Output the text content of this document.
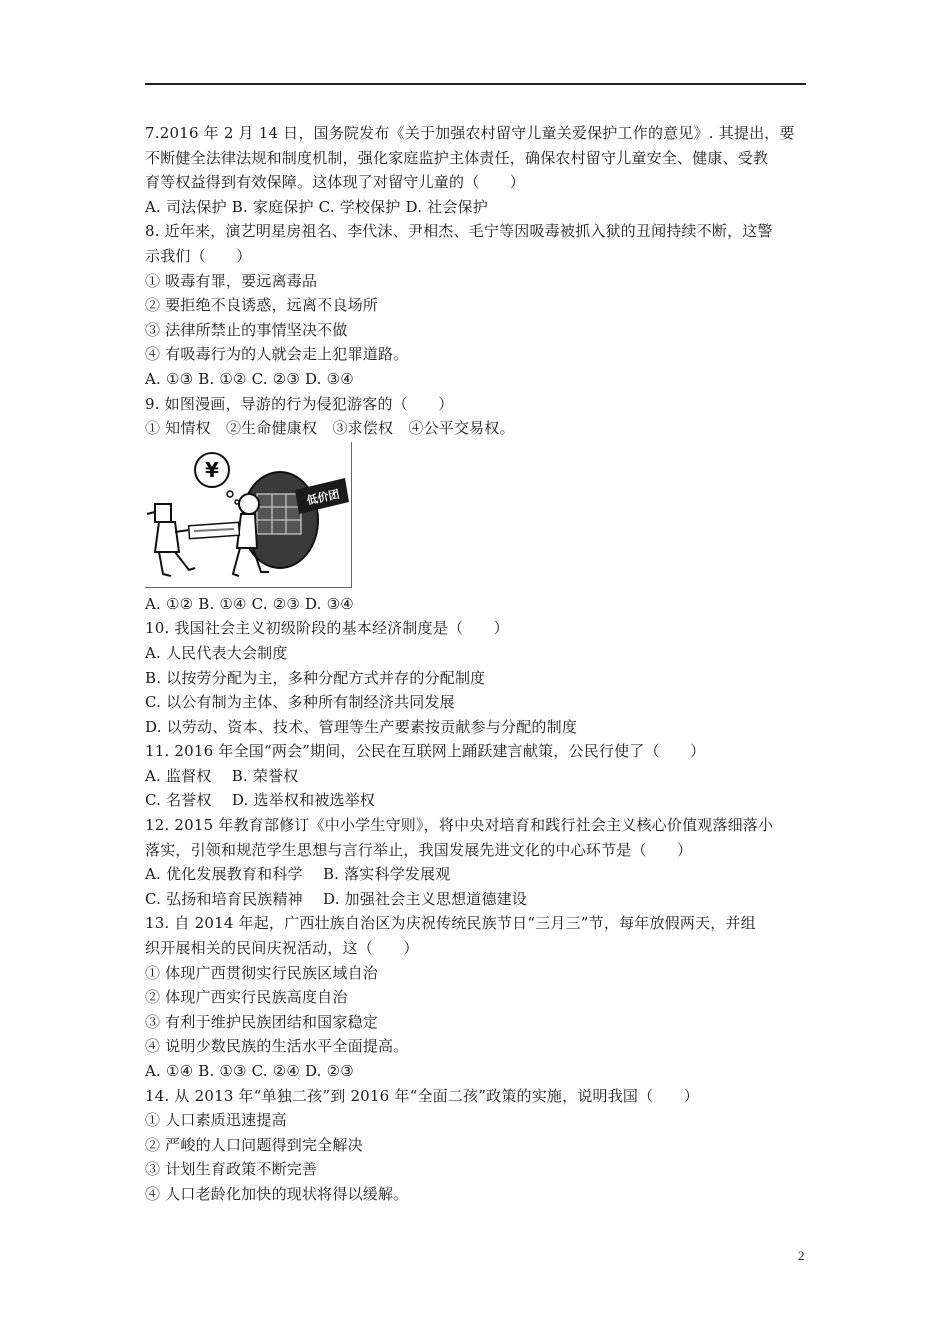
7.2016 年 2 月 14 日，国务院发布《关于加强农村留守儿童关爱保护工作的意见》. 其提出，要
不断健全法律法规和制度机制，强化家庭监护主体责任，确保农村留守儿童安全、健康、受教
育等权益得到有效保障。这体现了对留守儿童的（　　）
A. 司法保护 B. 家庭保护 C. 学校保护 D. 社会保护
8. 近年来，演艺明星房祖名、李代沫、尹相杰、毛宁等因吸毒被抓入狱的丑闻持续不断，这警
示我们（　　）
① 吸毒有罪，要远离毒品
② 要拒绝不良诱惑，远离不良场所
③ 法律所禁止的事情坚决不做
④ 有吸毒行为的人就会走上犯罪道路。
A. ①③ B. ①② C. ②③ D. ③④
9. 如图漫画，导游的行为侵犯游客的（　　）
① 知情权　②生命健康权　③求偿权　④公平交易权。
¥
低价团
A. ①② B. ①④ C. ②③ D. ③④
10. 我国社会主义初级阶段的基本经济制度是（　　）
A. 人民代表大会制度
B. 以按劳分配为主，多种分配方式并存的分配制度
C. 以公有制为主体、多种所有制经济共同发展
D. 以劳动、资本、技术、管理等生产要素按贡献参与分配的制度
11. 2016 年全国“两会”期间，公民在互联网上踊跃建言献策，公民行使了（　　）
A. 监督权　 B. 荣誉权
C. 名誉权　 D. 选举权和被选举权
12. 2015 年教育部修订《中小学生守则》，将中央对培育和践行社会主义核心价值观落细落小
落实，引领和规范学生思想与言行举止，我国发展先进文化的中心环节是（　　）
A. 优化发展教育和科学　 B. 落实科学发展观
C. 弘扬和培育民族精神　 D. 加强社会主义思想道德建设
13. 自 2014 年起，广西壮族自治区为庆祝传统民族节日“三月三”节，每年放假两天，并组
织开展相关的民间庆祝活动，这（　　）
① 体现广西贯彻实行民族区域自治
② 体现广西实行民族高度自治
③ 有利于维护民族团结和国家稳定
④ 说明少数民族的生活水平全面提高。
A. ①④ B. ①③ C. ②④ D. ②③
14. 从 2013 年“单独二孩”到 2016 年“全面二孩”政策的实施，说明我国（　　）
① 人口素质迅速提高
② 严峻的人口问题得到完全解决
③ 计划生育政策不断完善
④ 人口老龄化加快的现状将得以缓解。
2
